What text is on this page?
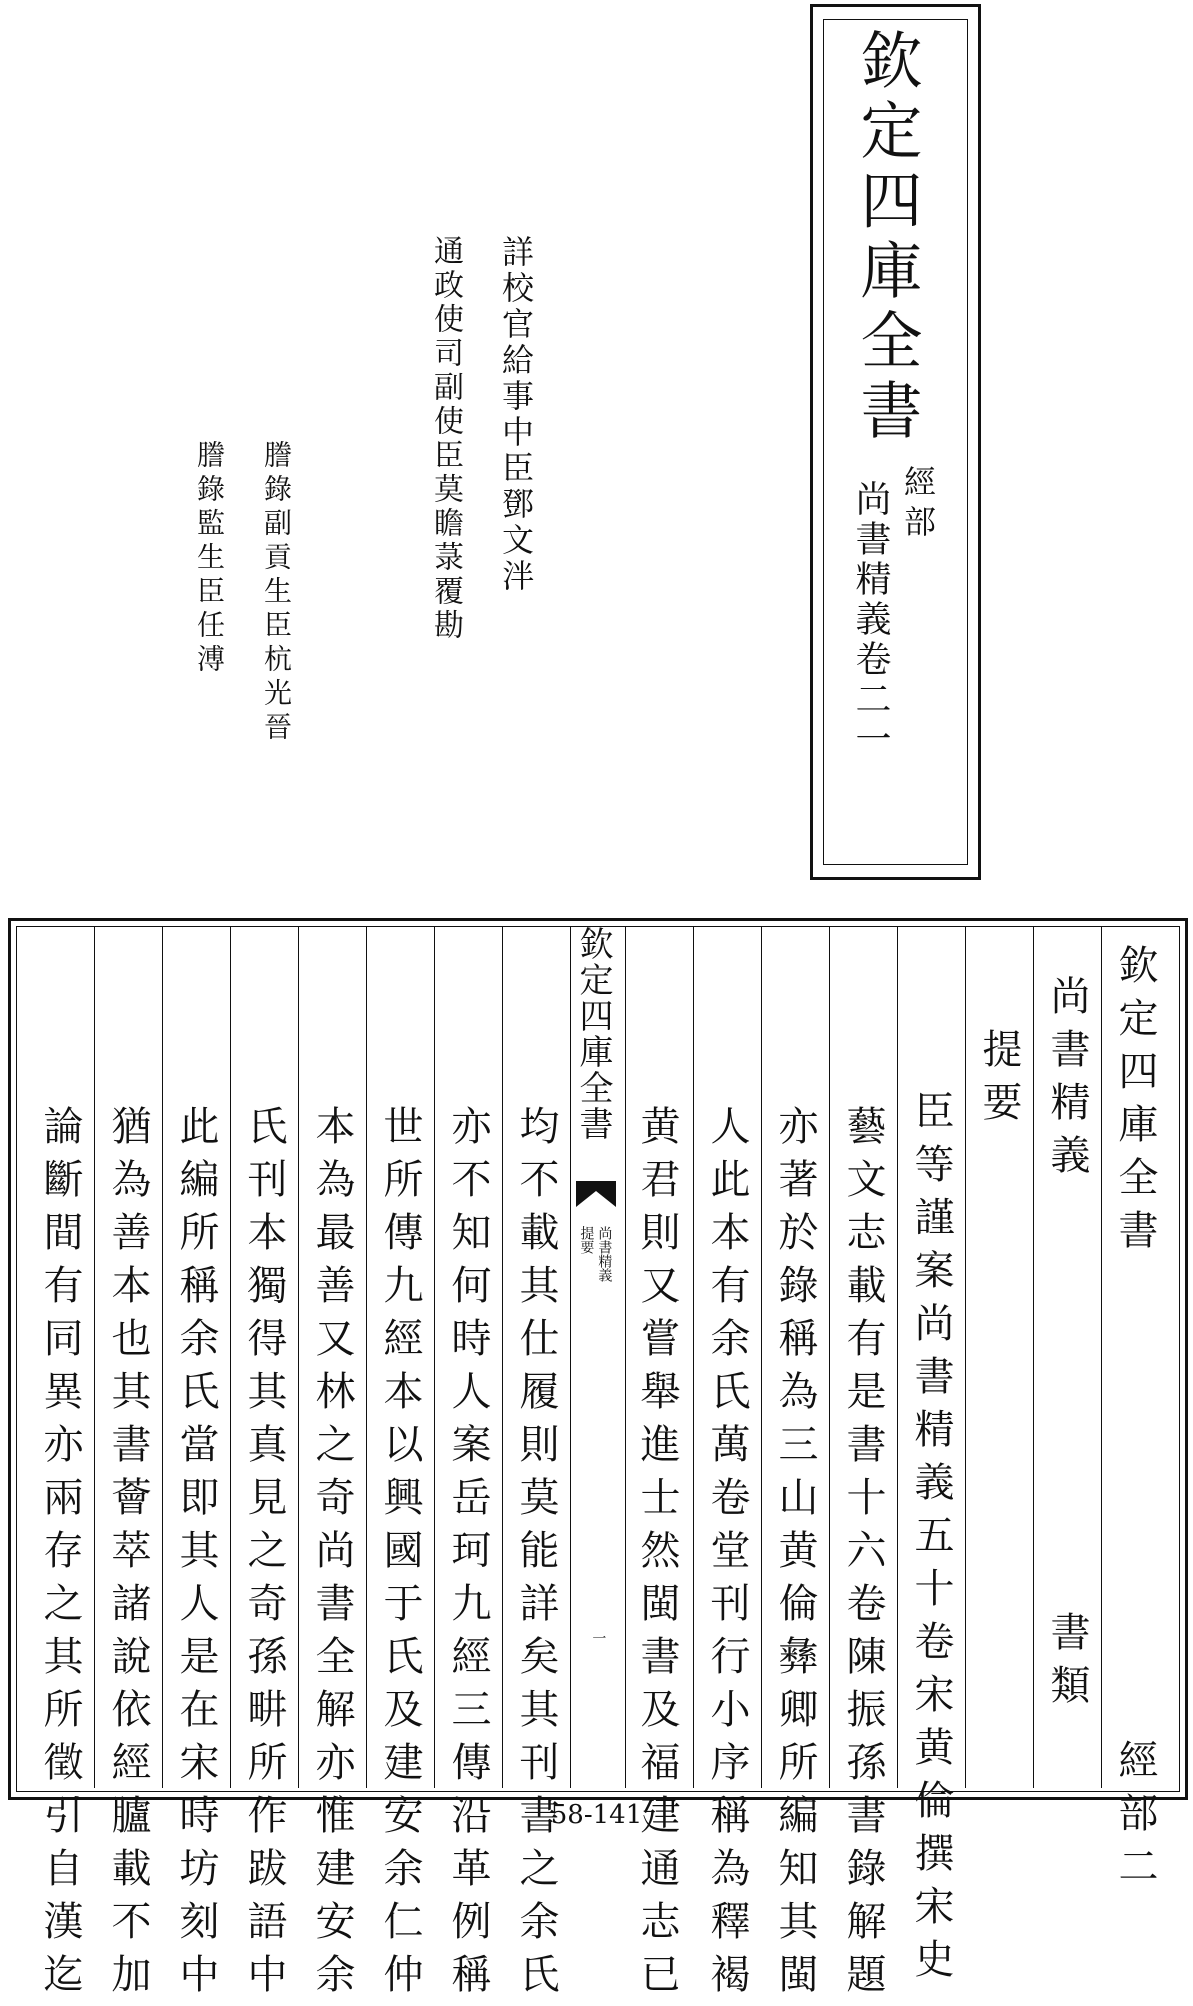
欽定四庫全書
經部
尚書精義卷二一
詳校官給事中臣鄧文泮
通政使司副使臣莫瞻菉覆勘
謄錄副貢生臣杭光晉
謄錄監生臣任溥
欽定四庫全書
尚書精義
提要
一	欽定四庫全書　　　　　　　　　經部二
尚書精義　　　　　　　　書類
提要
臣等謹案尚書精義五十卷宋黄倫撰宋史
藝文志載有是書十六卷陳振孫書錄解題
亦著於錄稱為三山黄倫彝卿所編知其閩
人此本有余氏萬卷堂刊行小序稱為釋褐
黄君則又嘗舉進士然閩書及福建通志已
均不載其仕履則莫能詳矣其刊書之余氏
亦不知何時人案岳珂九經三傳沿革例稱
世所傳九經本以興國于氏及建安余仁仲
本為最善又林之奇尚書全解亦惟建安余
氏刊本獨得其真見之奇孫畊所作跋語中
此編所稱余氏當即其人是在宋時坊刻中
猶為善本也其書薈萃諸說依經臚載不加
論斷間有同異亦兩存之其所徵引自漢迄	58-141
